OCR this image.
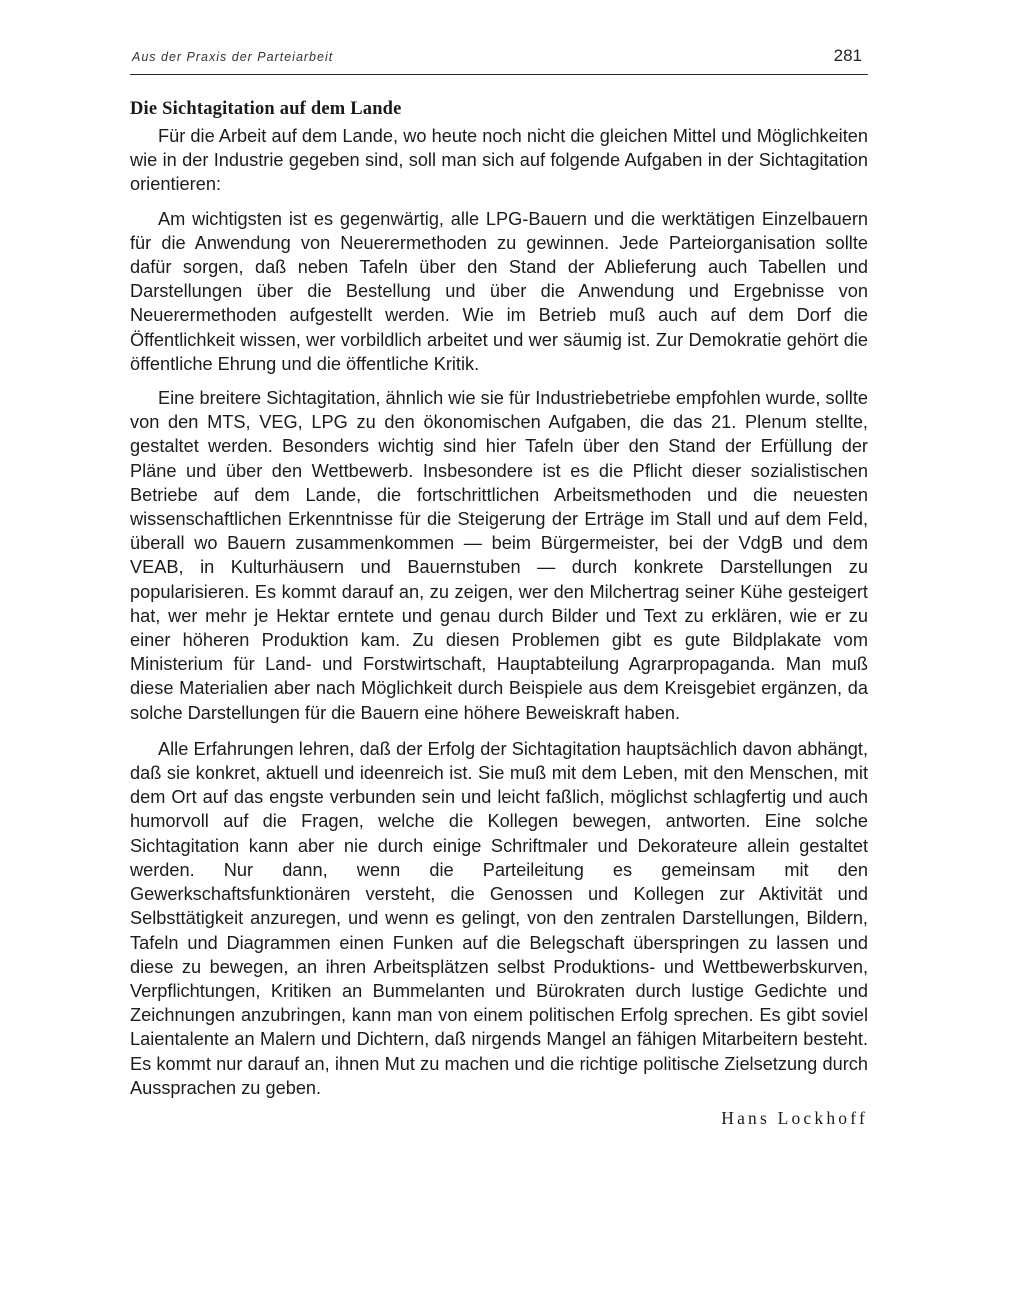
Aus der Praxis der Parteiarbeit	281
Die Sichtagitation auf dem Lande

Für die Arbeit auf dem Lande, wo heute noch nicht die gleichen Mittel und Möglichkeiten wie in der Industrie gegeben sind, soll man sich auf folgende Aufgaben in der Sichtagitation orientieren:

Am wichtigsten ist es gegenwärtig, alle LPG-Bauern und die werktätigen Einzelbauern für die Anwendung von Neuerermethoden zu gewinnen. Jede Parteiorganisation sollte dafür sorgen, daß neben Tafeln über den Stand der Ablieferung auch Tabellen und Darstellungen über die Bestellung und über die Anwendung und Ergebnisse von Neuerermethoden aufgestellt werden. Wie im Betrieb muß auch auf dem Dorf die Öffentlichkeit wissen, wer vorbildlich arbeitet und wer säumig ist. Zur Demokratie gehört die öffentliche Ehrung und die öffentliche Kritik.

Eine breitere Sichtagitation, ähnlich wie sie für Industriebetriebe empfohlen wurde, sollte von den MTS, VEG, LPG zu den ökonomischen Aufgaben, die das 21. Plenum stellte, gestaltet werden. Besonders wichtig sind hier Tafeln über den Stand der Erfüllung der Pläne und über den Wettbewerb. Insbesondere ist es die Pflicht dieser sozialistischen Betriebe auf dem Lande, die fortschrittlichen Arbeitsmethoden und die neuesten wissenschaftlichen Erkenntnisse für die Steigerung der Erträge im Stall und auf dem Feld, überall wo Bauern zusammenkommen — beim Bürgermeister, bei der VdgB und dem VEAB, in Kulturhäusern und Bauernstuben — durch konkrete Darstellungen zu popularisieren. Es kommt darauf an, zu zeigen, wer den Milchertrag seiner Kühe gesteigert hat, wer mehr je Hektar erntete und genau durch Bilder und Text zu erklären, wie er zu einer höheren Produktion kam. Zu diesen Problemen gibt es gute Bildplakate vom Ministerium für Land- und Forstwirtschaft, Hauptabteilung Agrarpropaganda. Man muß diese Materialien aber nach Möglichkeit durch Beispiele aus dem Kreisgebiet ergänzen, da solche Darstellungen für die Bauern eine höhere Beweiskraft haben.

Alle Erfahrungen lehren, daß der Erfolg der Sichtagitation hauptsächlich davon abhängt, daß sie konkret, aktuell und ideenreich ist. Sie muß mit dem Leben, mit den Menschen, mit dem Ort auf das engste verbunden sein und leicht faßlich, möglichst schlagfertig und auch humorvoll auf die Fragen, welche die Kollegen bewegen, antworten. Eine solche Sichtagitation kann aber nie durch einige Schriftmaler und Dekorateure allein gestaltet werden. Nur dann, wenn die Parteileitung es gemeinsam mit den Gewerkschaftsfunktionären versteht, die Genossen und Kollegen zur Aktivität und Selbsttätigkeit anzuregen, und wenn es gelingt, von den zentralen Darstellungen, Bildern, Tafeln und Diagrammen einen Funken auf die Belegschaft überspringen zu lassen und diese zu bewegen, an ihren Arbeitsplätzen selbst Produktions- und Wettbewerbskurven, Verpflichtungen, Kritiken an Bummelanten und Bürokraten durch lustige Gedichte und Zeichnungen anzubringen, kann man von einem politischen Erfolg sprechen. Es gibt soviel Laientalente an Malern und Dichtern, daß nirgends Mangel an fähigen Mitarbeitern besteht. Es kommt nur darauf an, ihnen Mut zu machen und die richtige politische Zielsetzung durch Aussprachen zu geben.

Hans Lockhoff
